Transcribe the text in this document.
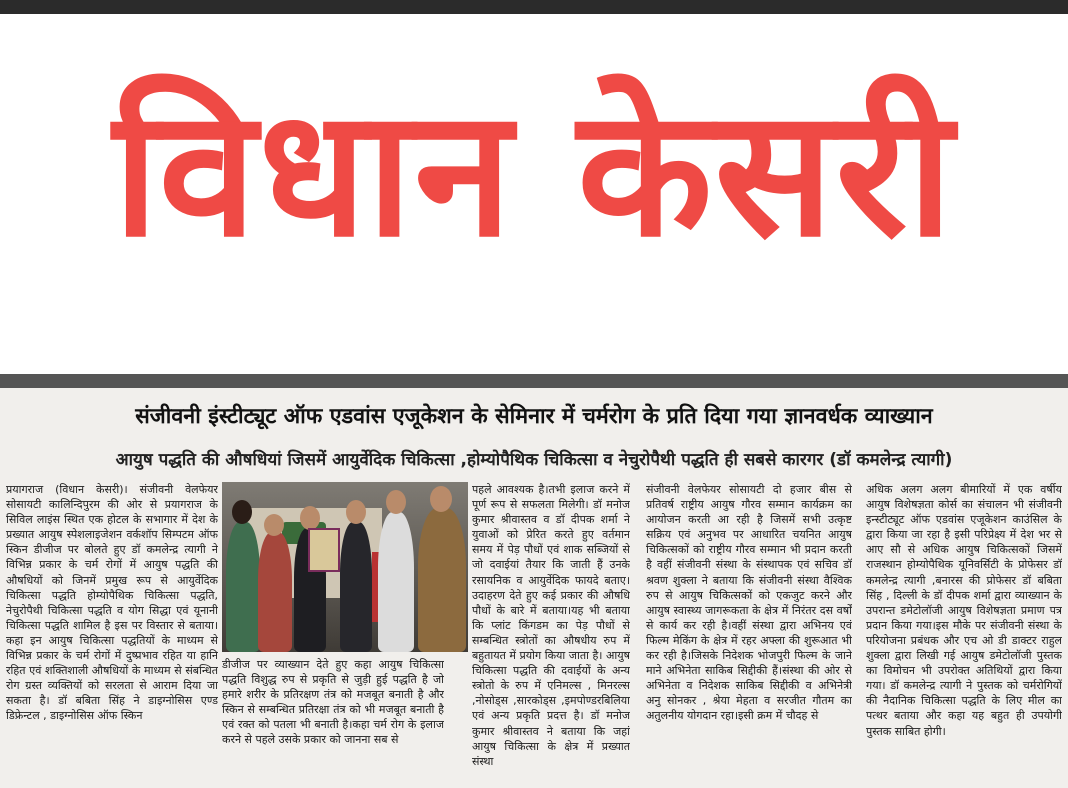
विधान केसरी
संजीवनी इंस्टीट्यूट ऑफ एडवांस एजूकेशन के सेमिनार में चर्मरोग के प्रति दिया गया ज्ञानवर्धक व्याख्यान
आयुष पद्धति की औषधियां जिसमें आयुर्वेदिक चिकित्सा ,होम्योपैथिक चिकित्सा व नेचुरोपैथी पद्धति ही सबसे कारगर (डॉ कमलेन्द्र त्यागी)

प्रयागराज (विधान केसरी)। संजीवनी वेलफेयर सोसायटी कालिन्दिपुरम की ओर से प्रयागराज के सिविल लाइंस स्थित एक होटल के सभागार में देश के प्रख्यात आयुष स्पेशलाइजेशन वर्कशॉप सिम्पटम ऑफ स्किन डीजीज पर बोलते हुए डॉ कमलेन्द्र त्यागी ने विभिन्न प्रकार के चर्म रोगों में आयुष पद्धति की औषधियों को जिनमें प्रमुख रूप से आयुर्वेदिक चिकित्सा पद्धति होम्योपैथिक चिकित्सा पद्धति, नेचुरोपैथी चिकित्सा पद्धति व योग सिद्धा एवं यूनानी चिकित्सा पद्धति शामिल है इस पर विस्तार से बताया।कहा इन आयुष चिकित्सा पद्धतियों के माध्यम से विभिन्न प्रकार के चर्म रोगों में दुष्प्रभाव रहित या हानि रहित एवं शक्तिशाली औषधियों के माध्यम से संबन्धित रोग ग्रस्त व्यक्तियों को सरलता से आराम दिया जा सकता है। डॉ बबिता सिंह ने डाइग्नोसिस एण्ड डिफ्रेन्टल , डाइग्नोसिस ऑफ स्किन

डीजीज पर व्याख्यान देते हुए कहा आयुष चिकित्सा पद्धति विशुद्ध रुप से प्रकृति से जुड़ी हुई पद्धति है जो हमारे शरीर के प्रतिरक्षण तंत्र को मजबूत बनाती है और स्किन से सम्बन्धित प्रतिरक्षा तंत्र को भी मजबूत बनाती है एवं रक्त को पतला भी बनाती है।कहा चर्म रोग के इलाज करने से पहले उसके प्रकार को जानना सब से

पहले आवश्यक है।तभी इलाज करने में पूर्ण रूप से सफलता मिलेगी। डॉ मनोज कुमार श्रीवास्तव व डॉ दीपक शर्मा ने युवाओं को प्रेरित करते हुए वर्तमान समय में पेड़ पौधों एवं शाक सब्जियों से जो दवाईयां तैयार कि जाती हैं उनके रसायनिक व आयुर्वेदिक फायदे बताए। उदाहरण देते हुए कई प्रकार की औषधि पौधों के बारे में बताया।यह भी बताया कि प्लांट किंगडम का पेड़ पौधों से सम्बन्धित स्त्रोतों का औषधीय रुप में बहुतायत में प्रयोग किया जाता है। आयुष चिकित्सा पद्धति की दवाईयों के अन्य स्त्रोतो के रुप में एनिमल्स , मिनरल्स ,नोसोड्स ,सारकोड्स ,इमपोण्डरबिलिया एवं अन्य प्रकृति प्रदत्त है। डॉ मनोज कुमार श्रीवास्तव ने बताया कि जहां आयुष चिकित्सा के क्षेत्र में प्रख्यात संस्था

संजीवनी वेलफेयर सोसायटी दो हजार बीस से प्रतिवर्ष राष्ट्रीय आयुष गौरव सम्मान कार्यक्रम का आयोजन करती आ रही है जिसमें सभी उत्कृष्ट सक्रिय एवं अनुभव पर आधारित चयनित आयुष चिकित्सकों को राष्ट्रीय गौरव सम्मान भी प्रदान करती है वहीं संजीवनी संस्था के संस्थापक एवं सचिव डॉ श्रवण शुक्ला ने बताया कि संजीवनी संस्था वैश्विक रुप से आयुष चिकित्सकों को एकजुट करने और आयुष स्वास्थ्य जागरूकता के क्षेत्र में निरंतर दस वर्षों से कार्य कर रही है।वहीं संस्था द्वारा अभिनय एवं फिल्म मेकिंग के क्षेत्र में रहर अफ्ला की शुरूआत भी कर रही है।जिसके निदेशक भोजपुरी फिल्म के जाने माने अभिनेता साकिब सिद्दीकी हैं।संस्था की ओर से अभिनेता व निदेशक साकिब सिद्दीकी व अभिनेत्री अनु सोनकर , श्रेया मेहता व सरजीत गौतम का अतुलनीय योगदान रहा।इसी क्रम में चौदह से

अधिक अलग अलग बीमारियों में एक वर्षीय आयुष विशेषज्ञता कोर्स का संचालन भी संजीवनी इन्स्टीट्यूट ऑफ एडवांस एजूकेशन काउंसिल के द्वारा किया जा रहा है इसी परिप्रेक्ष्य में देश भर से आए सौ से अधिक आयुष चिकित्सकों जिसमें राजस्थान होम्योपैथिक यूनिवर्सिटी के प्रोफेसर डॉ कमलेन्द्र त्यागी ,बनारस की प्रोफेसर डॉ बबिता सिंह , दिल्ली के डॉ दीपक शर्मा द्वारा व्याख्यान के उपरान्त डमेटोलॉजी आयुष विशेषज्ञता प्रमाण पत्र प्रदान किया गया।इस मौके पर संजीवनी संस्था के परियोजना प्रबंधक और एच ओ डी डाक्टर राहुल शुक्ला द्वारा लिखी गई आयुष डमेटोलॉजी पुस्तक का विमोचन भी उपरोक्त अतिथियों द्वारा किया गया। डॉ कमलेन्द्र त्यागी ने पुस्तक को चर्मरोगियों की नैदानिक चिकित्सा पद्धति के लिए मील का पत्थर बताया और कहा यह बहुत ही उपयोगी पुस्तक साबित होगी।
